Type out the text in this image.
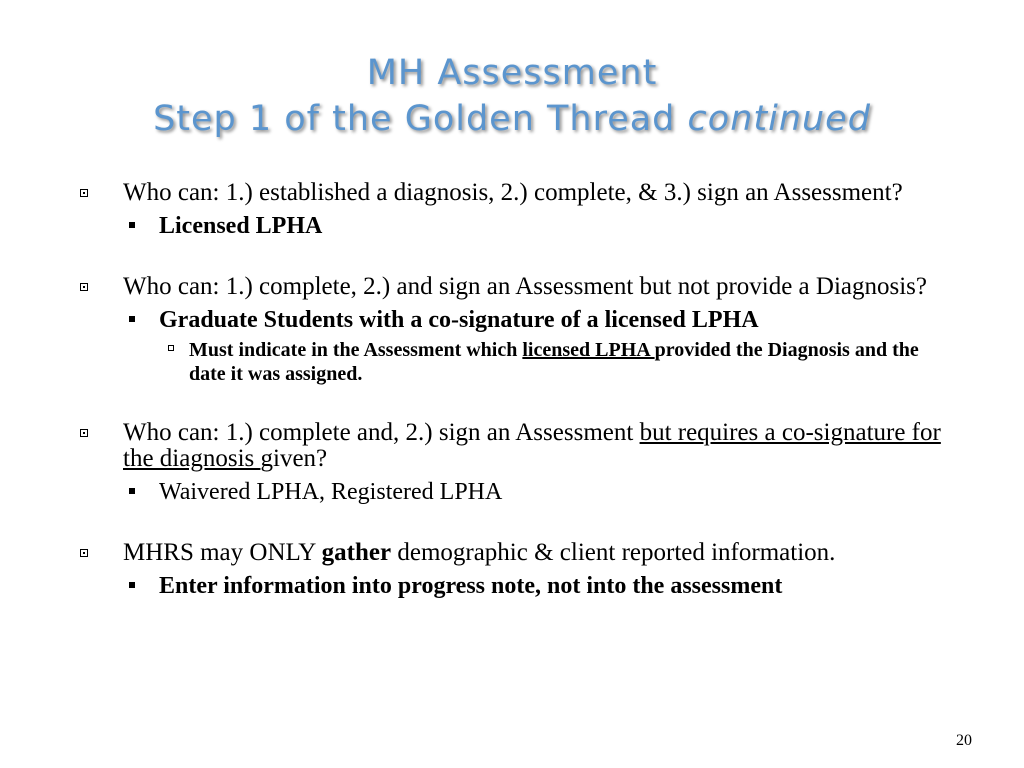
MH Assessment
Step 1 of the Golden Thread continued

Who can: 1.) established a diagnosis, 2.) complete, & 3.) sign an Assessment?

Licensed LPHA

Who can: 1.) complete, 2.) and sign an Assessment but not provide a Diagnosis?

Graduate Students with a co-signature of a licensed LPHA
Must indicate in the Assessment which licensed LPHA provided the Diagnosis and the date it was assigned.

Who can: 1.) complete and, 2.) sign an Assessment but requires a co-signature for the diagnosis given?

Waivered LPHA, Registered LPHA

MHRS may ONLY gather demographic & client reported information.

Enter information into progress note, not into the assessment
20
